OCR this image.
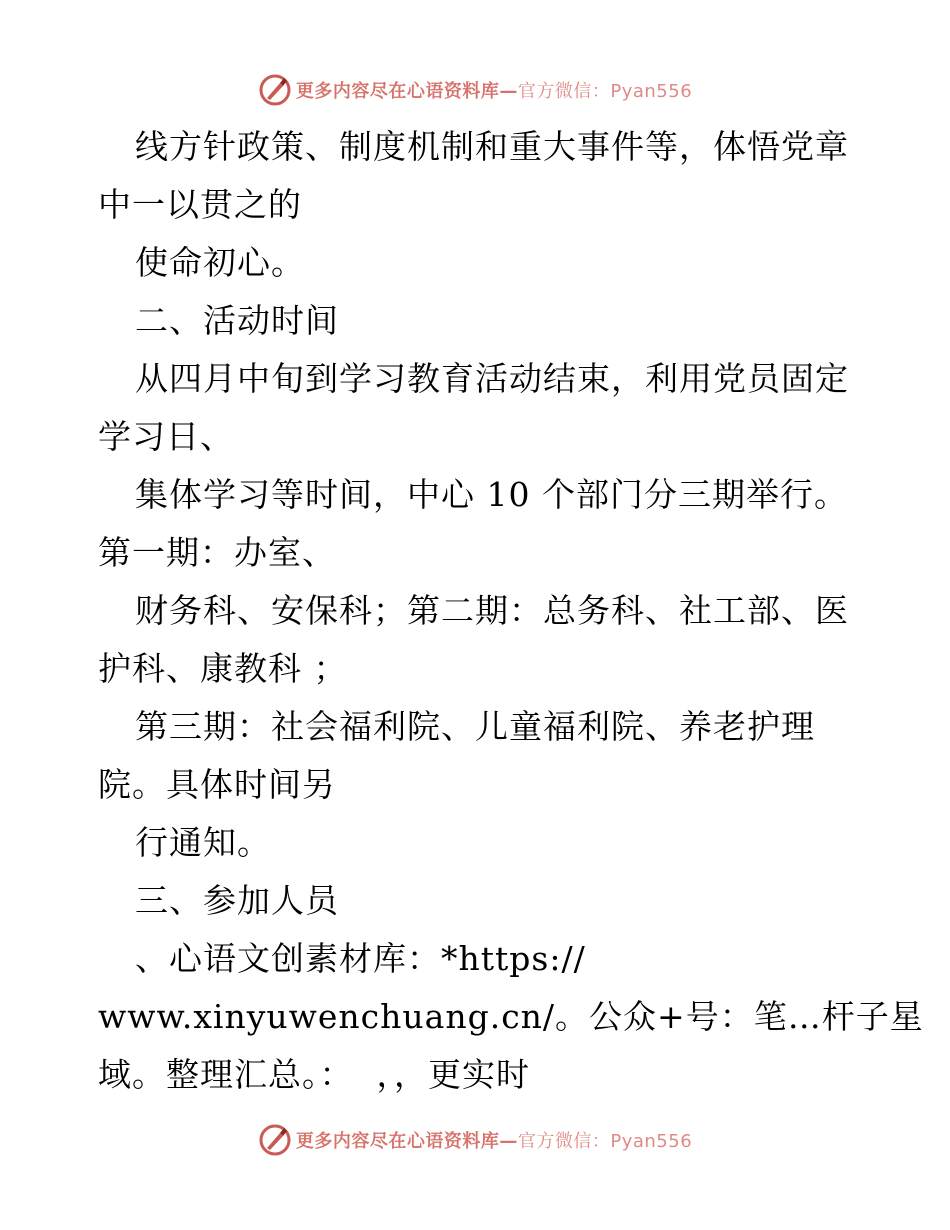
更多内容尽在心语资料库—官方微信：Pyan556
线方针政策、制度机制和重大事件等，体悟党章
中一以贯之的
使命初心。
二、活动时间
从四月中旬到学习教育活动结束，利用党员固定
学习日、
集体学习等时间，中心 10 个部门分三期举行。
第一期：办室、
财务科、安保科；第二期：总务科、社工部、医
护科、康教科 ；
第三期：社会福利院、儿童福利院、养老护理
院。具体时间另
行通知。
三、参加人员
、心语文创素材库：*https://
www.xinyuwenchuang.cn/。公众+号：笔…杆子星
域。整理汇总。：  ，，更实时
更多内容尽在心语资料库—官方微信：Pyan556
